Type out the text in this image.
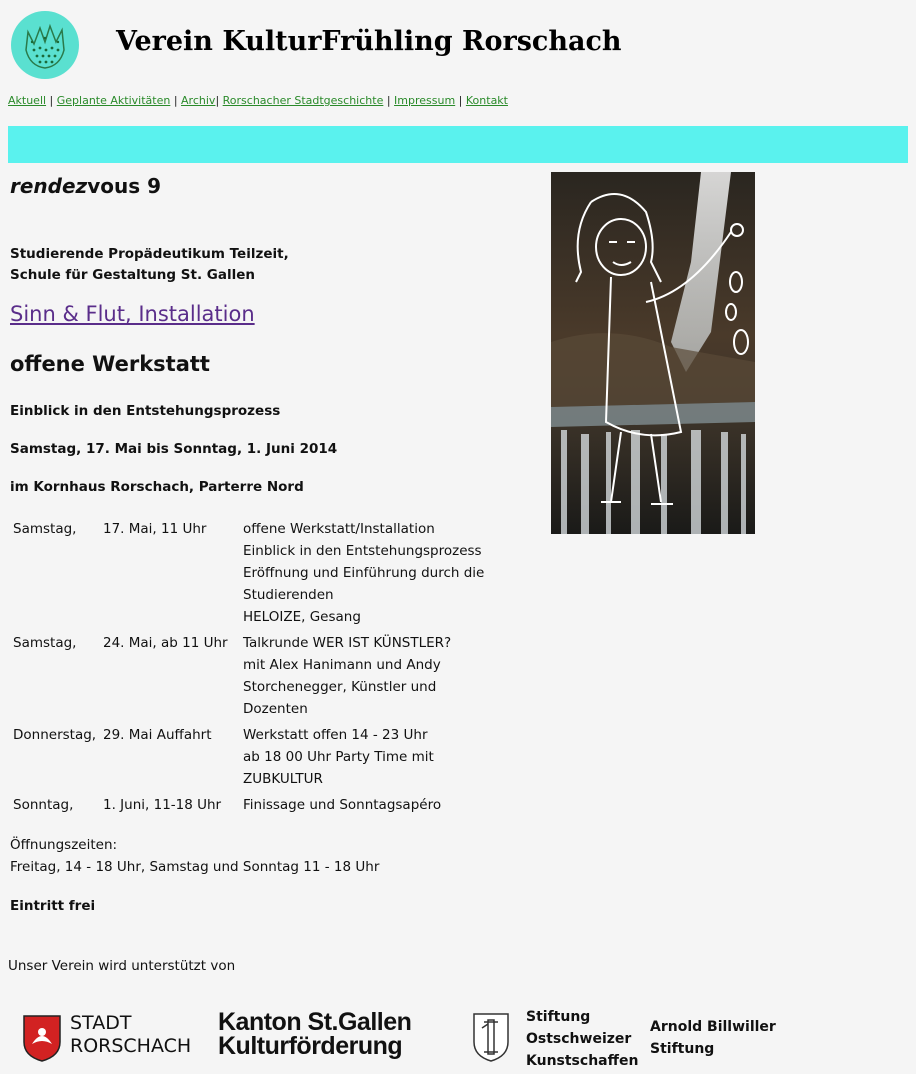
Verein KulturFrühling Rorschach
Aktuell | Geplante Aktivitäten | Archiv| Rorschacher Stadtgeschichte | Impressum | Kontakt
rendezvous 9
Studierende Propädeutikum Teilzeit,
Schule für Gestaltung St. Gallen
Sinn & Flut, Installation
offene Werkstatt
Einblick in den Entstehungsprozess
Samstag, 17. Mai bis Sonntag, 1. Juni 2014
im Kornhaus Rorschach, Parterre Nord
Samstag,	17. Mai, 11 Uhr	offene Werkstatt/Installation
Einblick in den Entstehungsprozess
Eröffnung und Einführung durch die Studierenden
HELOIZE, Gesang

Samstag,	24. Mai, ab 11 Uhr	Talkrunde WER IST KÜNSTLER?
mit Alex Hanimann und Andy Storchenegger, Künstler und Dozenten

Donnerstag,	29. Mai Auffahrt	Werkstatt offen 14 - 23 Uhr
ab 18 00 Uhr Party Time mit ZUBKULTUR

Sonntag,	1. Juni, 11-18 Uhr	Finissage und Sonntagsapéro
Öffnungszeiten:
Freitag, 14 - 18 Uhr, Samstag und Sonntag 11 - 18 Uhr
Eintritt frei
Unser Verein wird unterstützt von
STADT
RORSCHACH
Kanton St.Gallen
Kulturförderung
Stiftung
Ostschweizer
Kunstschaffen
Arnold Billwiller
Stiftung
